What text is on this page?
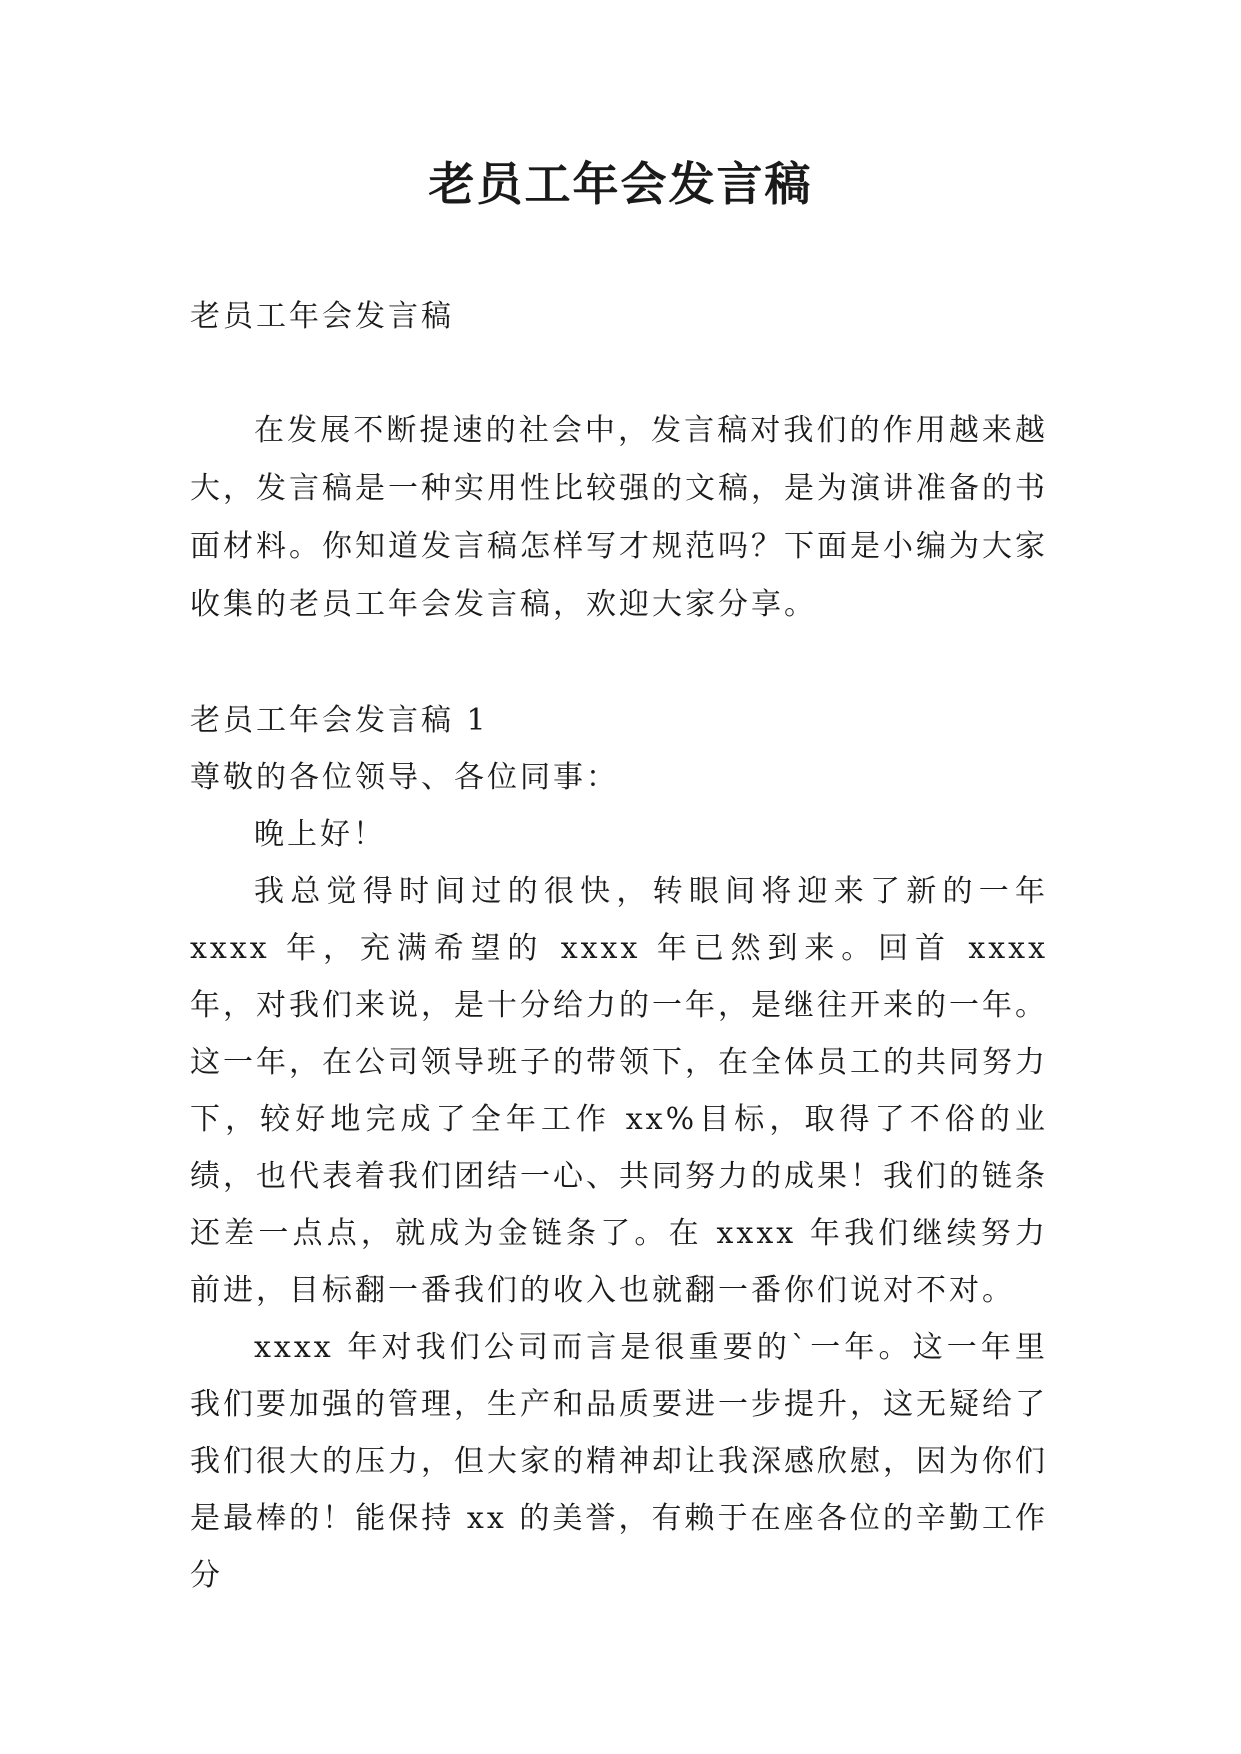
老员工年会发言稿
老员工年会发言稿

在发展不断提速的社会中，发言稿对我们的作用越来越大，发言稿是一种实用性比较强的文稿，是为演讲准备的书面材料。你知道发言稿怎样写才规范吗？下面是小编为大家收集的老员工年会发言稿，欢迎大家分享。

老员工年会发言稿 1

尊敬的各位领导、各位同事：

晚上好！

我总觉得时间过的很快，转眼间将迎来了新的一年 xxxx 年，充满希望的 xxxx 年已然到来。回首 xxxx 年，对我们来说，是十分给力的一年，是继往开来的一年。这一年，在公司领导班子的带领下，在全体员工的共同努力下，较好地完成了全年工作 xx%目标，取得了不俗的业绩，也代表着我们团结一心、共同努力的成果！我们的链条还差一点点，就成为金链条了。在 xxxx 年我们继续努力前进，目标翻一番我们的收入也就翻一番你们说对不对。

xxxx 年对我们公司而言是很重要的`一年。这一年里我们要加强的管理，生产和品质要进一步提升，这无疑给了我们很大的压力，但大家的精神却让我深感欣慰，因为你们是最棒的！能保持 xx 的美誉，有赖于在座各位的辛勤工作分
